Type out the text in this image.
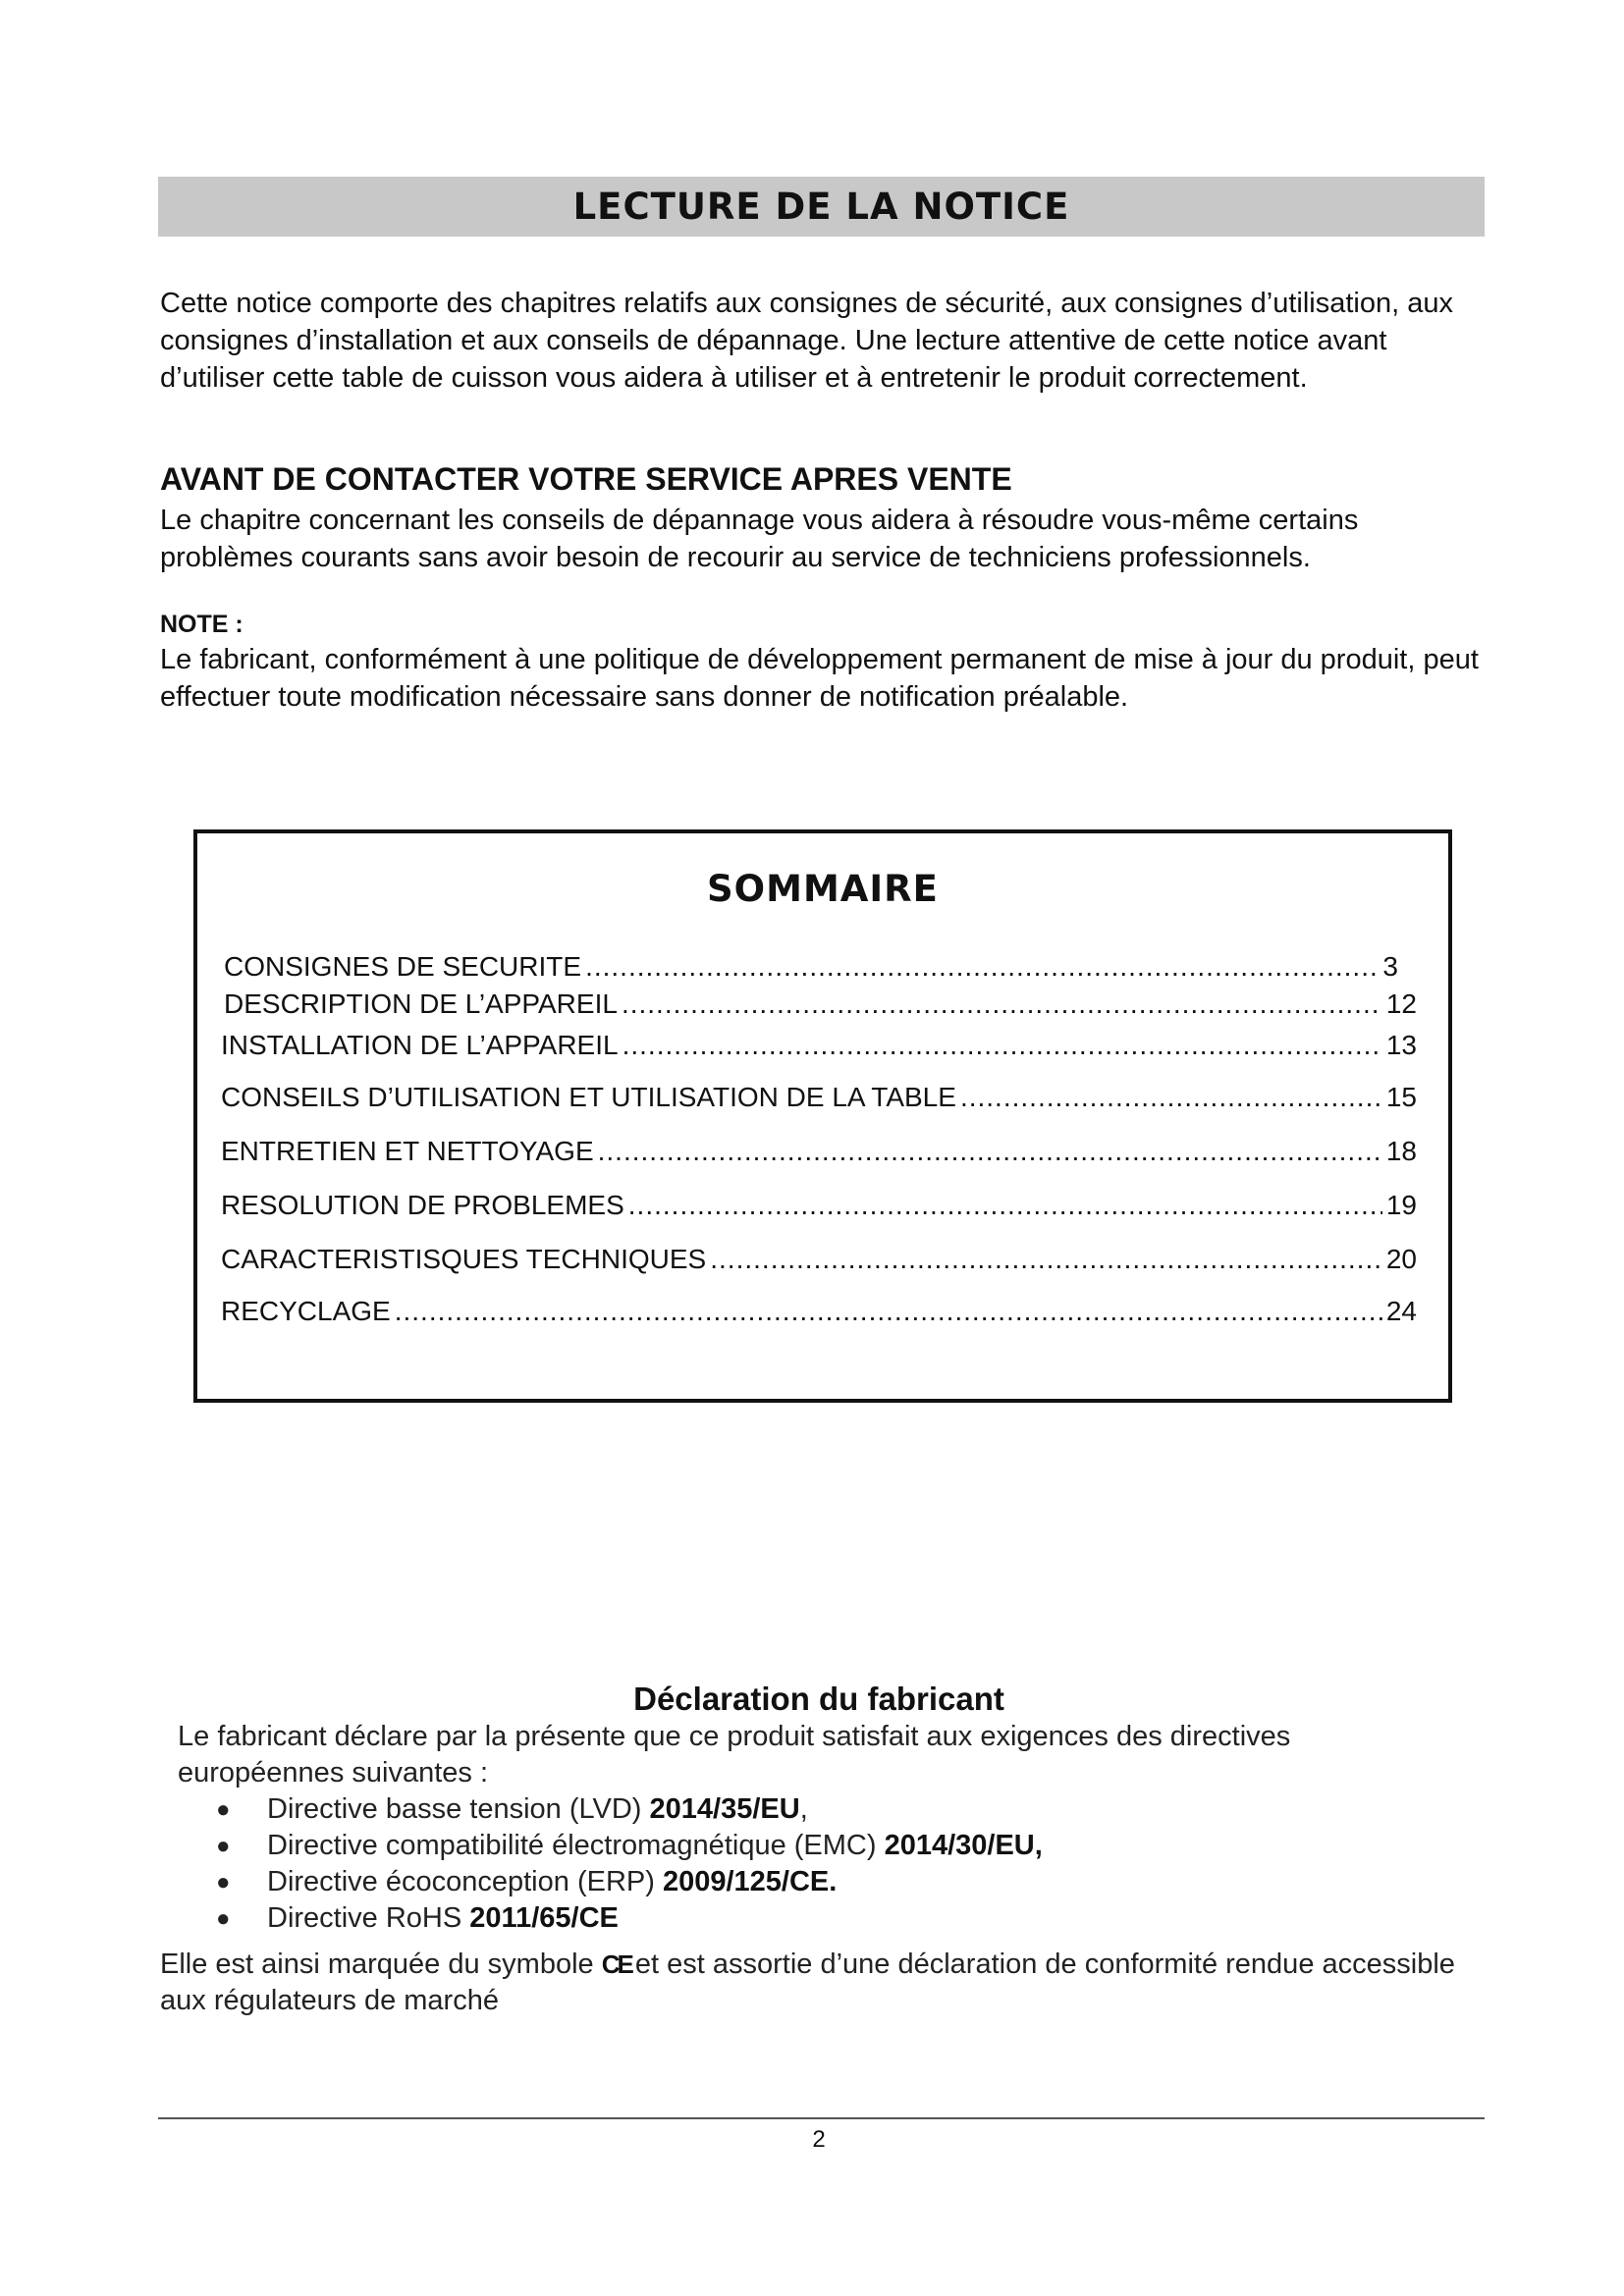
LECTURE DE LA NOTICE

Cette notice comporte des chapitres relatifs aux consignes de sécurité, aux consignes d’utilisation, aux consignes d’installation et aux conseils de dépannage. Une lecture attentive de cette notice avant d’utiliser cette table de cuisson vous aidera à utiliser et à entretenir le produit correctement.

AVANT DE CONTACTER VOTRE SERVICE APRES VENTE

Le chapitre concernant les conseils de dépannage vous aidera à résoudre vous-même certains problèmes courants sans avoir besoin de recourir au service de techniciens professionnels.

NOTE :

Le fabricant, conformément à une politique de développement permanent de mise à jour du produit, peut effectuer toute modification nécessaire sans donner de notification préalable.

SOMMAIRE
CONSIGNES DE SECURITE .....	3
DESCRIPTION DE L’APPAREIL .....	12
INSTALLATION DE L’APPAREIL .....	13
CONSEILS D’UTILISATION ET UTILISATION DE LA TABLE .....	15
ENTRETIEN ET NETTOYAGE .....	18
RESOLUTION DE PROBLEMES .....	19
CARACTERISTISQUES TECHNIQUES .....	20
RECYCLAGE .....	24
Déclaration du fabricant

Le fabricant déclare par la présente que ce produit satisfait aux exigences des directives européennes suivantes :

● Directive basse tension (LVD) 2014/35/EU,
● Directive compatibilité électromagnétique (EMC) 2014/30/EU,
● Directive écoconception (ERP) 2009/125/CE.
● Directive RoHS 2011/65/CE

Elle est ainsi marquée du symbole CE et est assortie d’une déclaration de conformité rendue accessible aux régulateurs de marché

2
